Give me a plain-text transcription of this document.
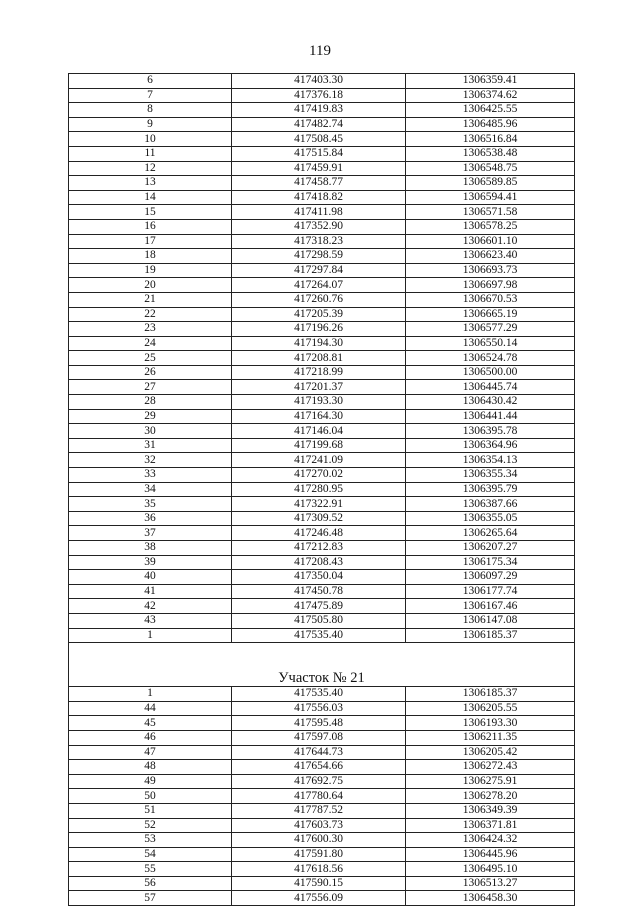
119
6	417403.30	1306359.41
7	417376.18	1306374.62
8	417419.83	1306425.55
9	417482.74	1306485.96
10	417508.45	1306516.84
11	417515.84	1306538.48
12	417459.91	1306548.75
13	417458.77	1306589.85
14	417418.82	1306594.41
15	417411.98	1306571.58
16	417352.90	1306578.25
17	417318.23	1306601.10
18	417298.59	1306623.40
19	417297.84	1306693.73
20	417264.07	1306697.98
21	417260.76	1306670.53
22	417205.39	1306665.19
23	417196.26	1306577.29
24	417194.30	1306550.14
25	417208.81	1306524.78
26	417218.99	1306500.00
27	417201.37	1306445.74
28	417193.30	1306430.42
29	417164.30	1306441.44
30	417146.04	1306395.78
31	417199.68	1306364.96
32	417241.09	1306354.13
33	417270.02	1306355.34
34	417280.95	1306395.79
35	417322.91	1306387.66
36	417309.52	1306355.05
37	417246.48	1306265.64
38	417212.83	1306207.27
39	417208.43	1306175.34
40	417350.04	1306097.29
41	417450.78	1306177.74
42	417475.89	1306167.46
43	417505.80	1306147.08
1	417535.40	1306185.37

Участок № 21		
1	417535.40	1306185.37
44	417556.03	1306205.55
45	417595.48	1306193.30
46	417597.08	1306211.35
47	417644.73	1306205.42
48	417654.66	1306272.43
49	417692.75	1306275.91
50	417780.64	1306278.20
51	417787.52	1306349.39
52	417603.73	1306371.81
53	417600.30	1306424.32
54	417591.80	1306445.96
55	417618.56	1306495.10
56	417590.15	1306513.27
57	417556.09	1306458.30
